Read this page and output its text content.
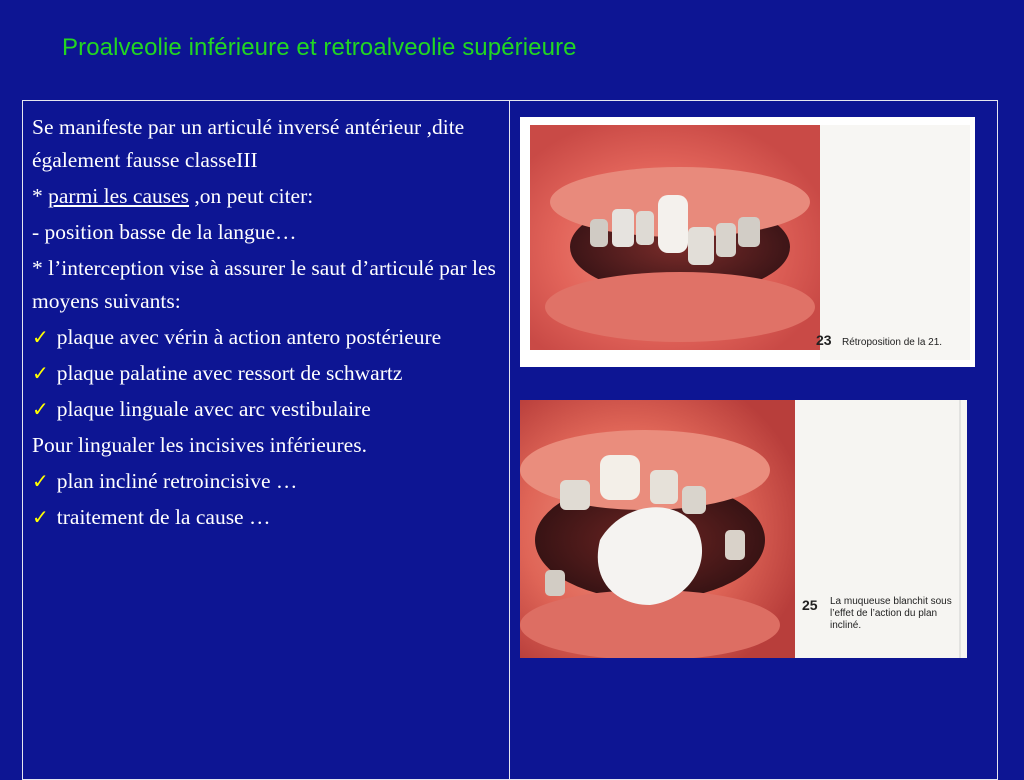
Proalveolie inférieure et retroalveolie supérieure

Se manifeste par un articulé inversé antérieur ,dite également fausse classeIII

* parmi les causes ,on peut citer:

- position basse de la langue…

* l’interception vise à assurer le saut d’articulé par les moyens suivants:

✓ plaque avec vérin à action antero postérieure

✓ plaque palatine avec ressort de schwartz

✓ plaque linguale avec arc vestibulaire

Pour lingualer les incisives inférieures.

✓ plan incliné retroincisive …

✓ traitement de la cause …

23 Rétroposition de la 21.
25	La muqueuse blanchit sous l’effet de l’action du plan incliné.
